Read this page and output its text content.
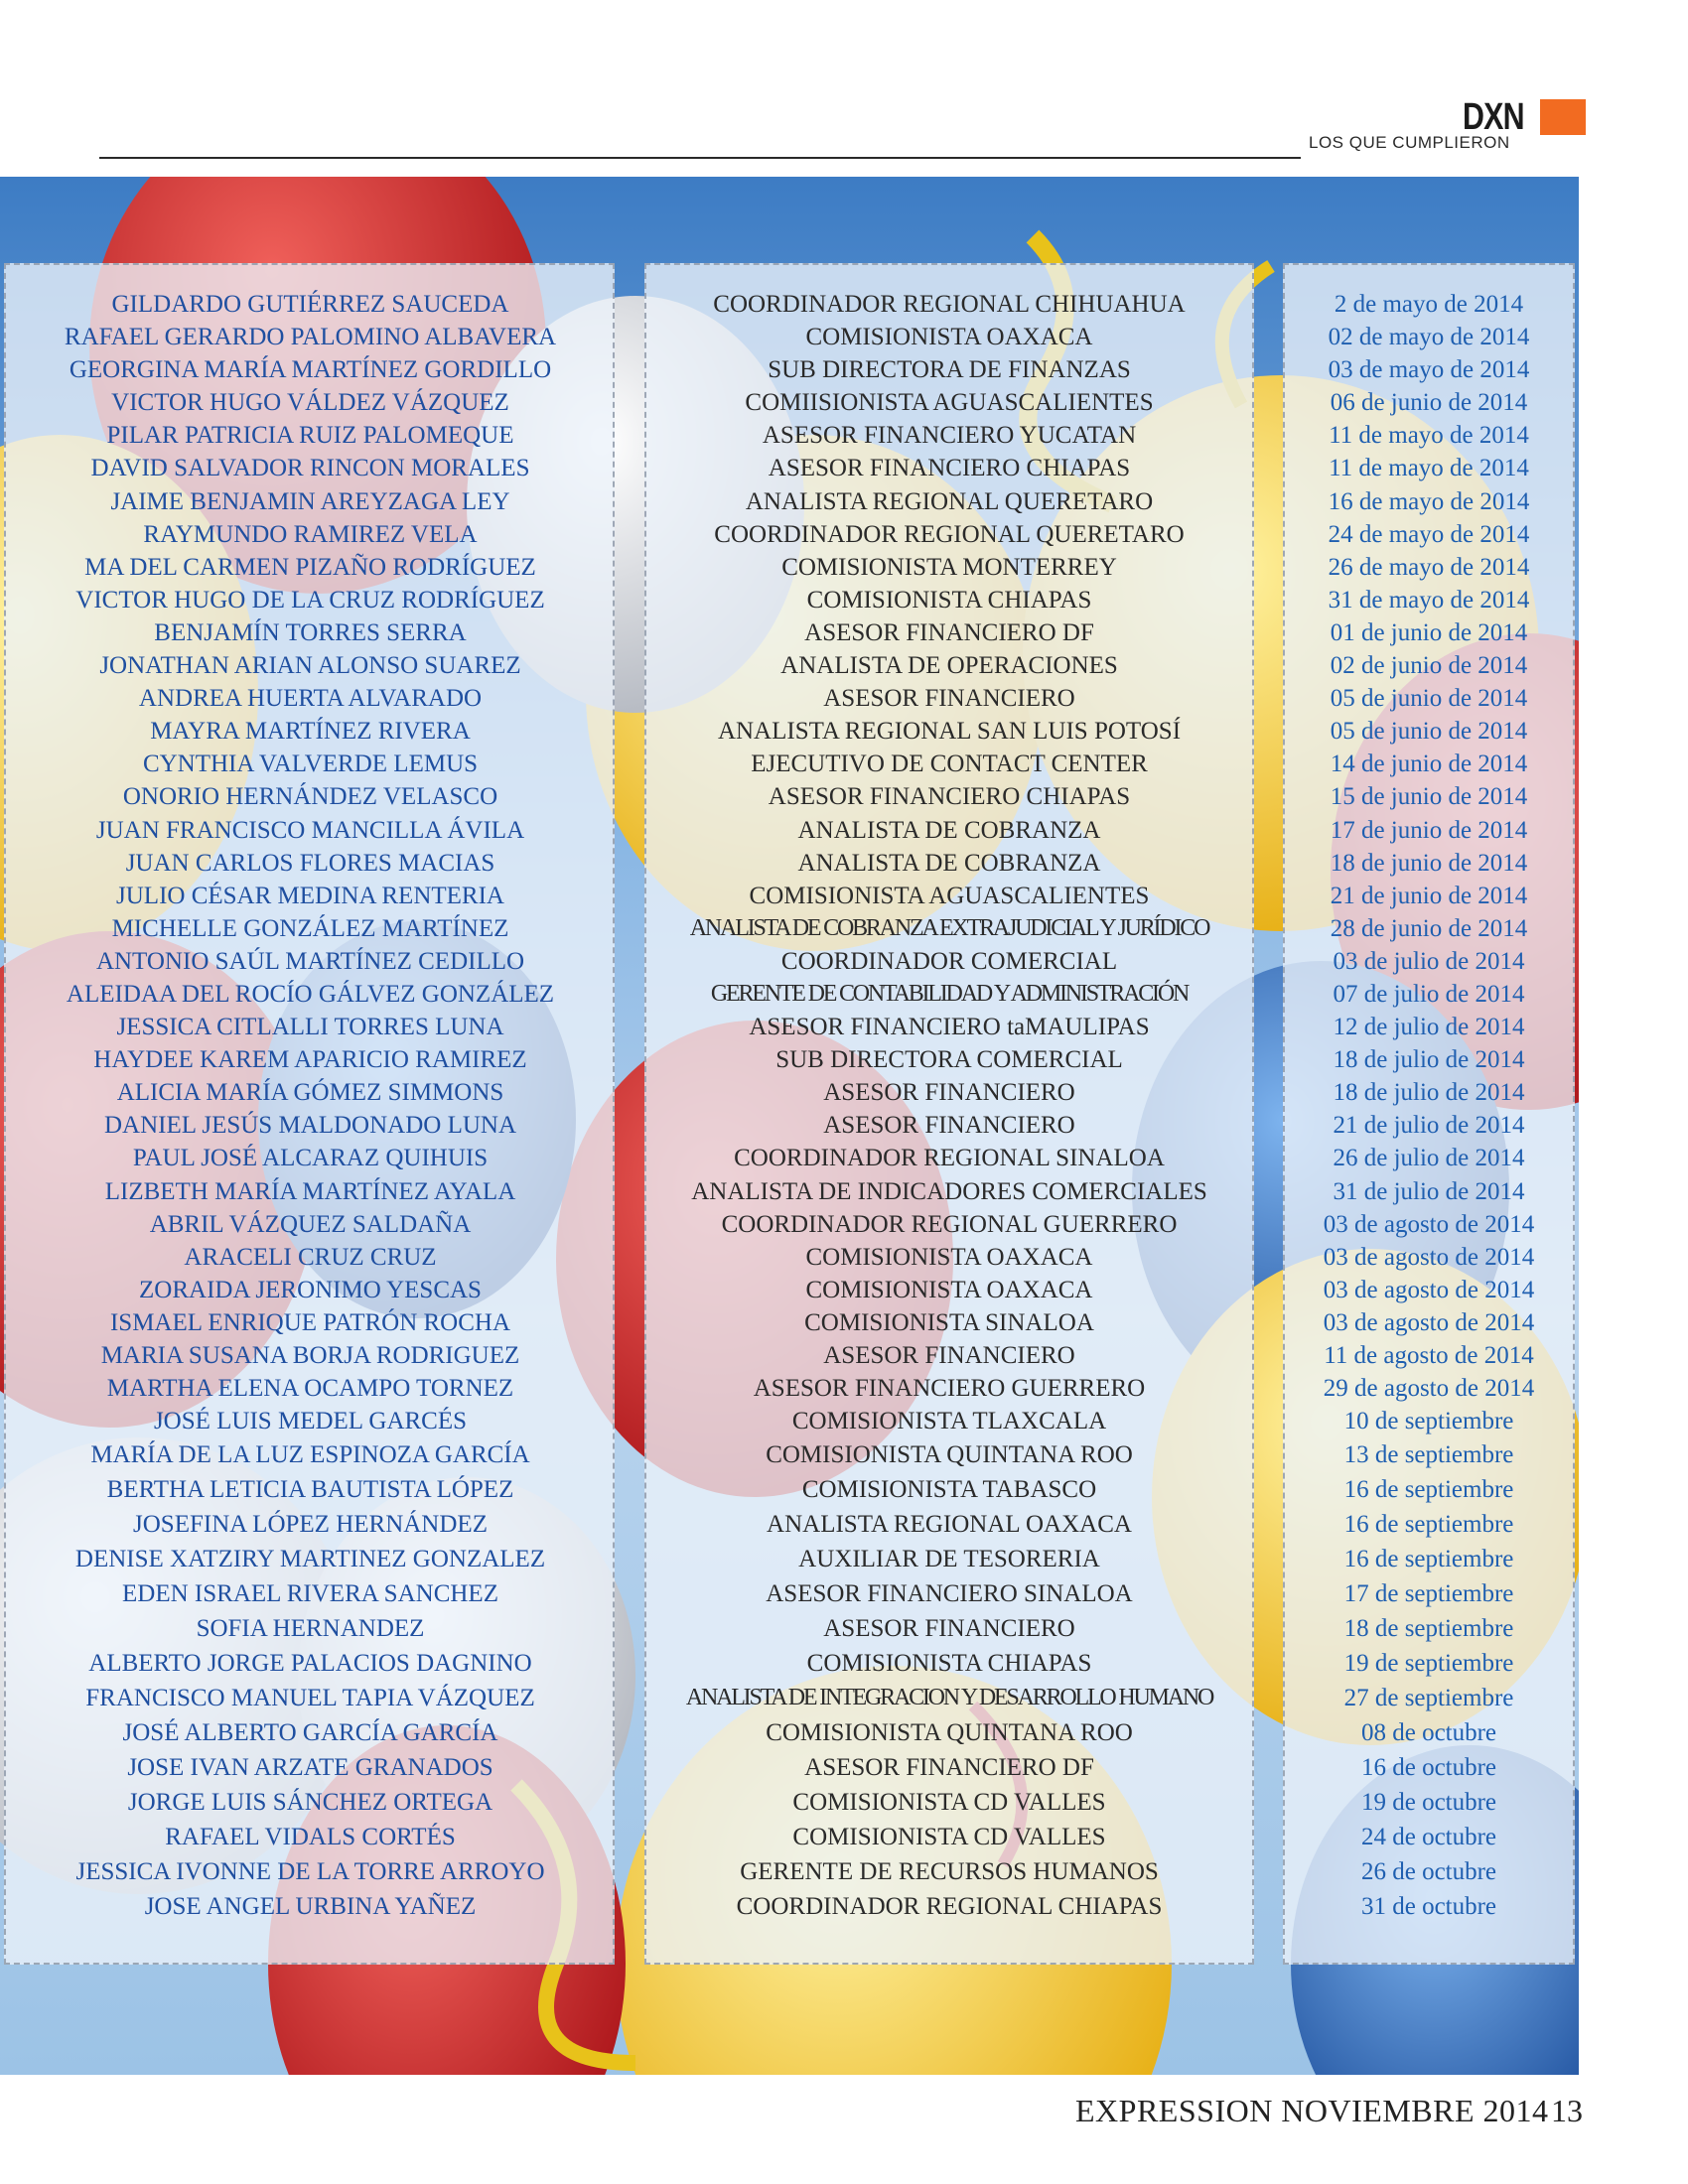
DXN
LOS QUE CUMPLIERON
GILDARDO GUTIÉRREZ SAUCEDA
RAFAEL GERARDO PALOMINO ALBAVERA
GEORGINA MARÍA MARTÍNEZ GORDILLO
VICTOR HUGO VÁLDEZ VÁZQUEZ
PILAR PATRICIA RUIZ PALOMEQUE
DAVID SALVADOR RINCON MORALES
JAIME BENJAMIN AREYZAGA LEY
RAYMUNDO RAMIREZ VELA
MA DEL CARMEN PIZAÑO RODRÍGUEZ
VICTOR HUGO DE LA CRUZ RODRÍGUEZ
BENJAMÍN TORRES SERRA
JONATHAN ARIAN ALONSO SUAREZ
ANDREA HUERTA ALVARADO
MAYRA MARTÍNEZ RIVERA
CYNTHIA VALVERDE LEMUS
ONORIO HERNÁNDEZ VELASCO
JUAN FRANCISCO MANCILLA ÁVILA
JUAN CARLOS FLORES MACIAS
JULIO CÉSAR MEDINA RENTERIA
MICHELLE GONZÁLEZ MARTÍNEZ
ANTONIO SAÚL MARTÍNEZ CEDILLO
ALEIDAA DEL ROCÍO GÁLVEZ GONZÁLEZ
JESSICA CITLALLI TORRES LUNA
HAYDEE KAREM APARICIO RAMIREZ
ALICIA MARÍA GÓMEZ SIMMONS
DANIEL JESÚS MALDONADO LUNA
PAUL JOSÉ ALCARAZ QUIHUIS
LIZBETH MARÍA MARTÍNEZ AYALA
ABRIL VÁZQUEZ SALDAÑA
ARACELI CRUZ CRUZ
ZORAIDA JERONIMO YESCAS
ISMAEL ENRIQUE PATRÓN ROCHA
MARIA SUSANA BORJA RODRIGUEZ
MARTHA ELENA OCAMPO TORNEZ
JOSÉ LUIS MEDEL GARCÉS
MARÍA DE LA LUZ ESPINOZA GARCÍA
BERTHA LETICIA BAUTISTA LÓPEZ
JOSEFINA LÓPEZ HERNÁNDEZ
DENISE XATZIRY MARTINEZ GONZALEZ
EDEN ISRAEL RIVERA SANCHEZ
SOFIA HERNANDEZ
ALBERTO JORGE PALACIOS DAGNINO
FRANCISCO MANUEL TAPIA VÁZQUEZ
JOSÉ ALBERTO GARCÍA GARCÍA
JOSE IVAN ARZATE GRANADOS
JORGE LUIS SÁNCHEZ ORTEGA
RAFAEL VIDALS CORTÉS
JESSICA IVONNE DE LA TORRE ARROYO
JOSE ANGEL URBINA YAÑEZ
COORDINADOR REGIONAL CHIHUAHUA
COMISIONISTA OAXACA
SUB DIRECTORA DE FINANZAS
COMIISIONISTA AGUASCALIENTES
ASESOR FINANCIERO YUCATAN
ASESOR FINANCIERO CHIAPAS
ANALISTA REGIONAL QUERETARO
COORDINADOR REGIONAL QUERETARO
COMISIONISTA MONTERREY
COMISIONISTA CHIAPAS
ASESOR FINANCIERO DF
ANALISTA DE OPERACIONES
ASESOR FINANCIERO
ANALISTA REGIONAL SAN LUIS POTOSÍ
EJECUTIVO DE CONTACT CENTER
ASESOR FINANCIERO CHIAPAS
ANALISTA DE COBRANZA
ANALISTA DE COBRANZA
COMISIONISTA AGUASCALIENTES
ANALISTA DE COBRANZA EXTRAJUDICIAL Y JURÍDICO
COORDINADOR COMERCIAL
GERENTE DE CONTABILIDAD Y ADMINISTRACIÓN
ASESOR FINANCIERO taMAULIPAS
SUB DIRECTORA COMERCIAL
ASESOR FINANCIERO
ASESOR FINANCIERO
COORDINADOR REGIONAL SINALOA
ANALISTA DE INDICADORES COMERCIALES
COORDINADOR REGIONAL GUERRERO
COMISIONISTA OAXACA
COMISIONISTA OAXACA
COMISIONISTA SINALOA
ASESOR FINANCIERO
ASESOR FINANCIERO GUERRERO
COMISIONISTA TLAXCALA
COMISIONISTA QUINTANA ROO
COMISIONISTA TABASCO
ANALISTA REGIONAL OAXACA
AUXILIAR DE TESORERIA
ASESOR FINANCIERO SINALOA
ASESOR FINANCIERO
COMISIONISTA CHIAPAS
ANALISTA DE INTEGRACION Y DESARROLLO HUMANO
COMISIONISTA QUINTANA ROO
ASESOR FINANCIERO DF
COMISIONISTA CD VALLES
COMISIONISTA CD VALLES
GERENTE DE RECURSOS HUMANOS
COORDINADOR REGIONAL CHIAPAS
2 de mayo de 2014
02 de mayo de 2014
03 de mayo de 2014
06 de junio de 2014
11 de mayo de 2014
11 de mayo de 2014
16 de mayo de 2014
24 de mayo de 2014
26 de mayo de 2014
31 de mayo de 2014
01 de junio de 2014
02 de junio de 2014
05 de junio de 2014
05 de junio de 2014
14 de junio de 2014
15 de junio de 2014
17 de junio de 2014
18 de junio de 2014
21 de junio de 2014
28 de junio de 2014
03 de julio de 2014
07 de julio de 2014
12 de julio de 2014
18 de julio de 2014
18 de julio de 2014
21 de julio de 2014
26 de julio de 2014
31 de julio de 2014
03 de agosto de 2014
03 de agosto de 2014
03 de agosto de 2014
03 de agosto de 2014
11 de agosto de 2014
29 de agosto de 2014
10 de septiembre
13 de septiembre
16 de septiembre
16 de septiembre
16 de septiembre
17 de septiembre
18 de septiembre
19 de septiembre
27 de septiembre
08 de octubre
16 de octubre
19 de octubre
24 de octubre
26 de octubre
31 de octubre
EXPRESSION NOVIEMBRE 2014 13
